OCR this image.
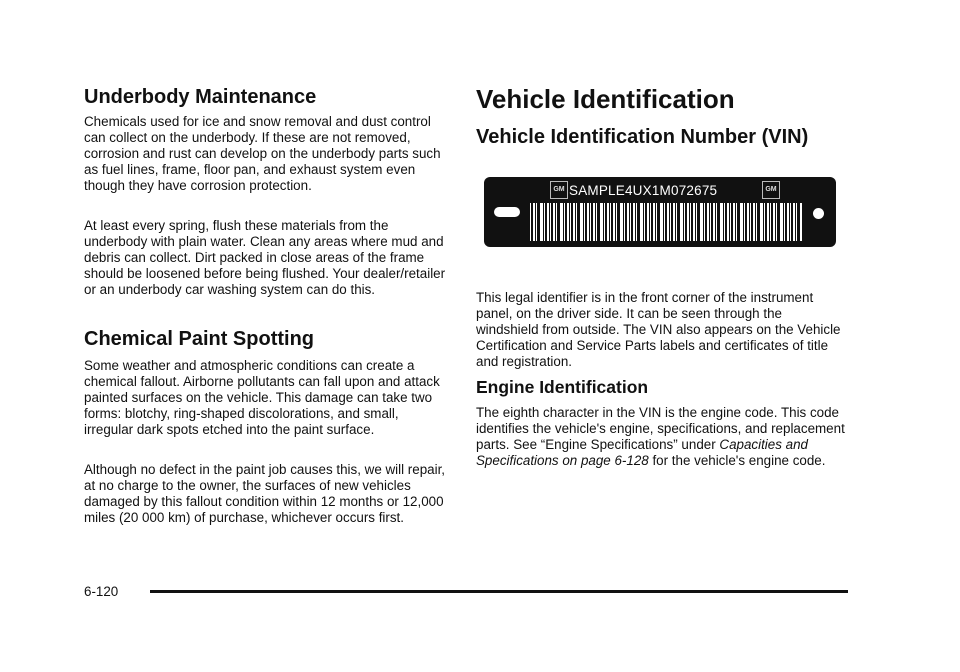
Underbody Maintenance

Chemicals used for ice and snow removal and dust control can collect on the underbody. If these are not removed, corrosion and rust can develop on the underbody parts such as fuel lines, frame, floor pan, and exhaust system even though they have corrosion protection.

At least every spring, flush these materials from the underbody with plain water. Clean any areas where mud and debris can collect. Dirt packed in close areas of the frame should be loosened before being flushed. Your dealer/retailer or an underbody car washing system can do this.

Chemical Paint Spotting

Some weather and atmospheric conditions can create a chemical fallout. Airborne pollutants can fall upon and attack painted surfaces on the vehicle. This damage can take two forms: blotchy, ring-shaped discolorations, and small, irregular dark spots etched into the paint surface.

Although no defect in the paint job causes this, we will repair, at no charge to the owner, the surfaces of new vehicles damaged by this fallout condition within 12 months or 12,000 miles (20 000 km) of purchase, whichever occurs first.

Vehicle Identification
Vehicle Identification Number (VIN)

This legal identifier is in the front corner of the instrument panel, on the driver side. It can be seen through the windshield from outside. The VIN also appears on the Vehicle Certification and Service Parts labels and certificates of title and registration.

Engine Identification

The eighth character in the VIN is the engine code. This code identifies the vehicle's engine, specifications, and replacement parts. See “Engine Specifications” under Capacities and Specifications on page 6-128 for the vehicle's engine code.

GM SAMPLE4UX1M072675	GM
6-120
